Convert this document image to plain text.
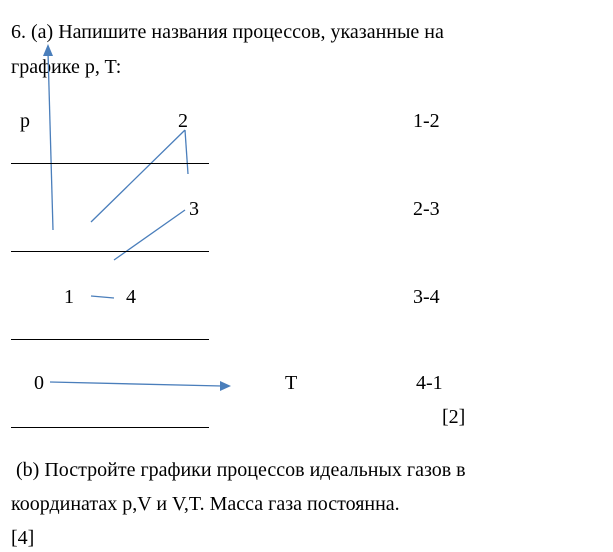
6. (a) Напишите названия процессов, указанные на
графике p, T:
p	2
3
1	4
0	T
1-2
2-3
3-4
4-1
[2]
(b) Постройте графики процессов идеальных газов в
координатах p,V и V,T. Масса газа постоянна.
[4]
